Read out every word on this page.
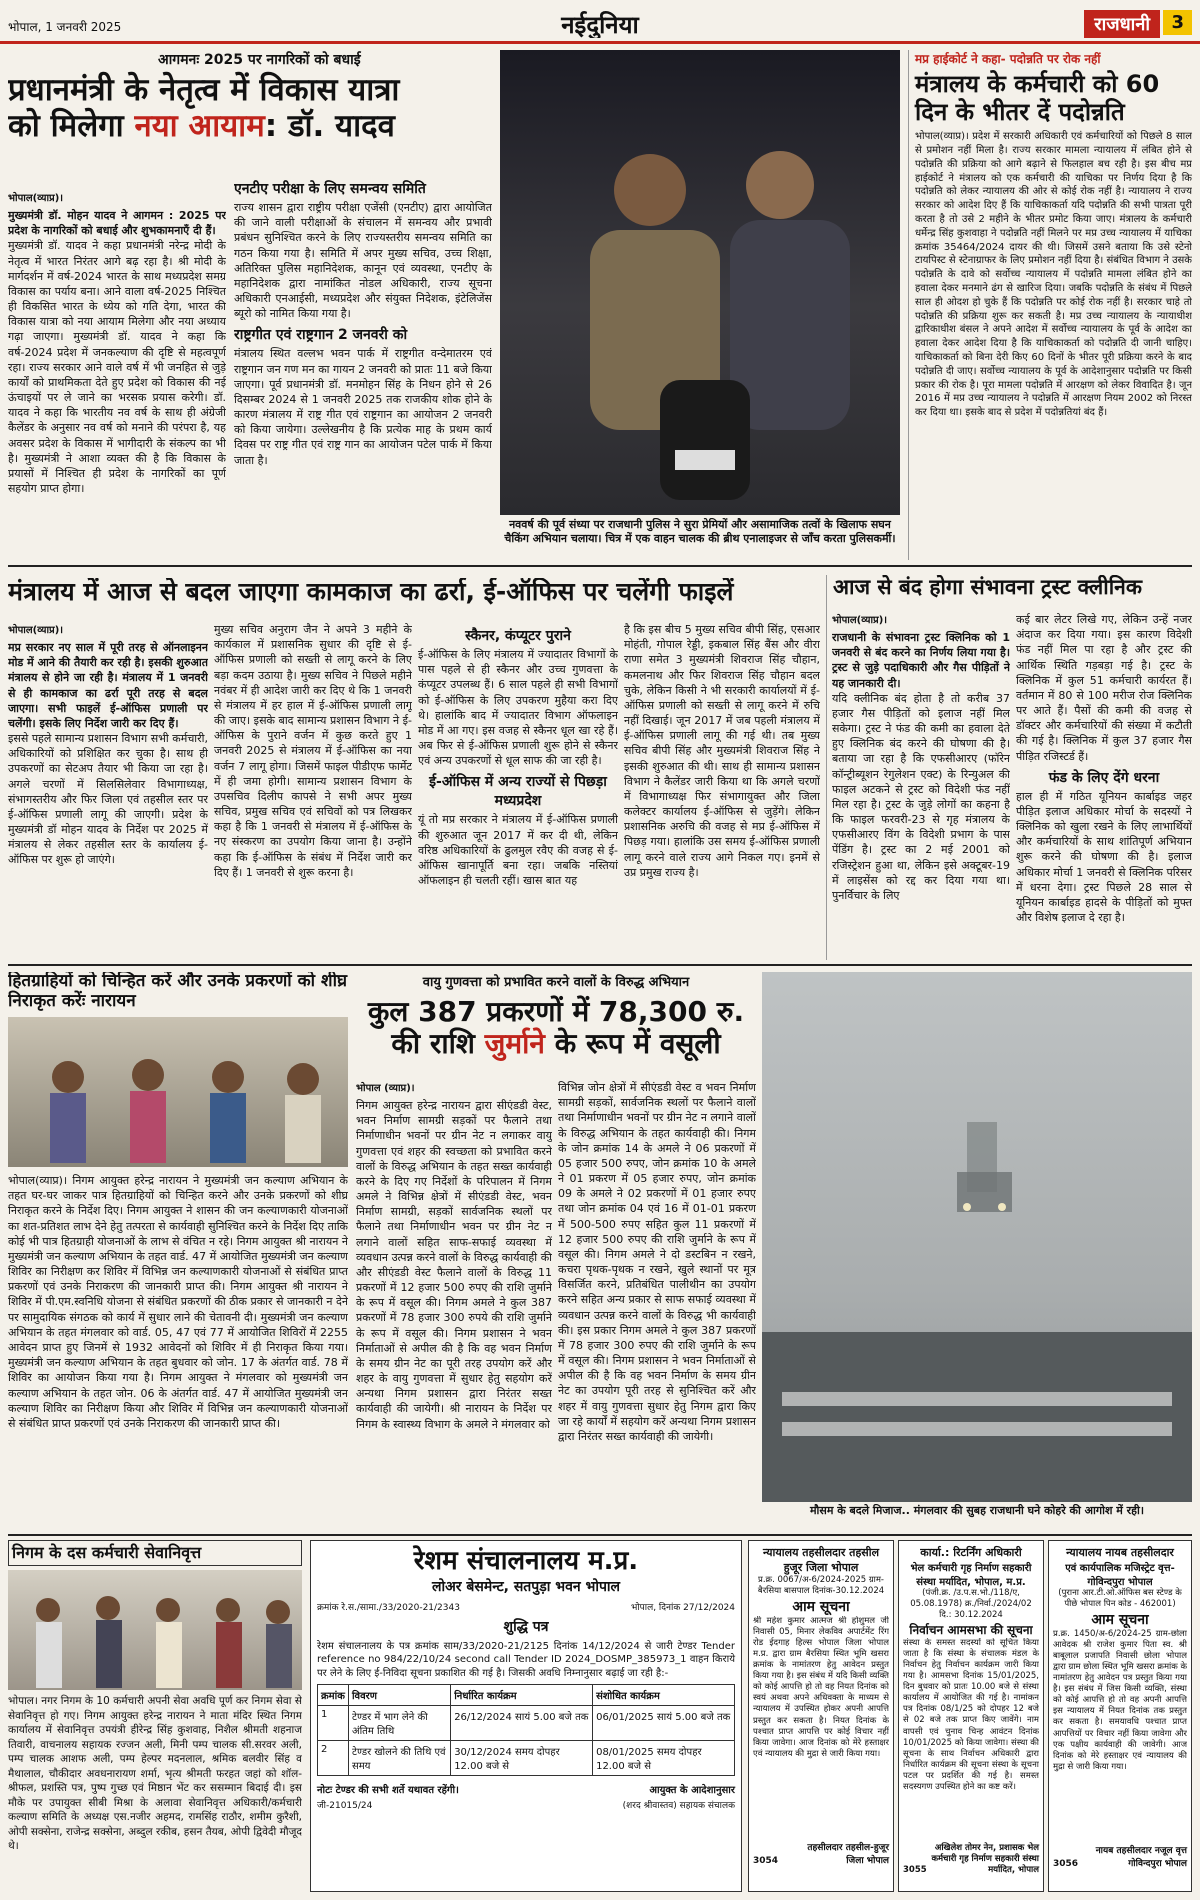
भोपाल, 1 जनवरी 2025	नईदुनिया	राजधानी	3
आगमनः 2025 पर नागरिकों को बधाई
प्रधानमंत्री के नेतृत्व में विकास यात्रा
को मिलेगा नया आयाम: डॉ. यादव
भोपाल(व्याप्र)।

मुख्यमंत्री डॉ. मोहन यादव ने आगमन : 2025 पर प्रदेश के नागरिकों को बधाई और शुभकामनाएँ दी हैं।

मुख्यमंत्री डॉ. यादव ने कहा प्रधानमंत्री नरेन्द्र मोदी के नेतृत्व में भारत निरंतर आगे बढ़ रहा है। श्री मोदी के मार्गदर्शन में वर्ष-2024 भारत के साथ मध्यप्रदेश समग्र विकास का पर्याय बना। आने वाला वर्ष-2025 निश्चित ही विकसित भारत के ध्येय को गति देगा, भारत की विकास यात्रा को नया आयाम मिलेगा और नया अध्याय गढ़ा जाएगा। मुख्यमंत्री डॉ. यादव ने कहा कि वर्ष-2024 प्रदेश में जनकल्याण की दृष्टि से महत्वपूर्ण रहा। राज्य सरकार आने वाले वर्ष में भी जनहित से जुड़े कार्यों को प्राथमिकता देते हुए प्रदेश को विकास की नई ऊंचाइयों पर ले जाने का भरसक प्रयास करेगी। डॉ. यादव ने कहा कि भारतीय नव वर्ष के साथ ही अंग्रेजी कैलेंडर के अनुसार नव वर्ष को मनाने की परंपरा है, यह अवसर प्रदेश के विकास में भागीदारी के संकल्प का भी है। मुख्यमंत्री ने आशा व्यक्त की है कि विकास के प्रयासों में निश्चित ही प्रदेश के नागरिकों का पूर्ण सहयोग प्राप्त होगा।

एनटीए परीक्षा के लिए समन्वय समिति

राज्य शासन द्वारा राष्ट्रीय परीक्षा एजेंसी (एनटीए) द्वारा आयोजित की जाने वाली परीक्षाओं के संचालन में समन्वय और प्रभावी प्रबंधन सुनिश्चित करने के लिए राज्यस्तरीय समन्वय समिति का गठन किया गया है। समिति में अपर मुख्य सचिव, उच्च शिक्षा, अतिरिक्त पुलिस महानिदेशक, कानून एवं व्यवस्था, एनटीए के महानिदेशक द्वारा नामांकित नोडल अधिकारी, राज्य सूचना अधिकारी एनआईसी, मध्यप्रदेश और संयुक्त निदेशक, इंटेलिजेंस ब्यूरो को नामित किया गया है।

राष्ट्रगीत एवं राष्ट्रगान 2 जनवरी को

मंत्रालय स्थित वल्लभ भवन पार्क में राष्ट्रगीत वन्देमातरम एवं राष्ट्रगान जन गण मन का गायन 2 जनवरी को प्रातः 11 बजे किया जाएगा। पूर्व प्रधानमंत्री डॉ. मनमोहन सिंह के निधन होने से 26 दिसम्बर 2024 से 1 जनवरी 2025 तक राजकीय शोक होने के कारण मंत्रालय में राष्ट्र गीत एवं राष्ट्रगान का आयोजन 2 जनवरी को किया जायेगा। उल्लेखनीय है कि प्रत्येक माह के प्रथम कार्य दिवस पर राष्ट्र गीत एवं राष्ट्र गान का आयोजन पटेल पार्क में किया जाता है।

नववर्ष की पूर्व संध्या पर राजधानी पुलिस ने सुरा प्रेमियों और असामाजिक तत्वों के खिलाफ सघन चैकिंग अभियान चलाया। चित्र में एक वाहन चालक की ब्रीथ एनालाइजर से जाँच करता पुलिसकर्मी।
मप्र हाईकोर्ट ने कहा- पदोन्नति पर रोक नहीं
मंत्रालय के कर्मचारी को 60 दिन के भीतर दें पदोन्नति

भोपाल(व्याप्र)। प्रदेश में सरकारी अधिकारी एवं कर्मचारियों को पिछले 8 साल से प्रमोशन नहीं मिला है। राज्य सरकार मामला न्यायालय में लंबित होने से पदोन्नति की प्रक्रिया को आगे बढ़ाने से फिलहाल बच रही है। इस बीच मप्र हाईकोर्ट ने मंत्रालय को एक कर्मचारी की याचिका पर निर्णय दिया है कि पदोन्नति को लेकर न्यायालय की ओर से कोई रोक नहीं है। न्यायालय ने राज्य सरकार को आदेश दिए हैं कि याचिकाकर्ता यदि पदोन्नति की सभी पात्रता पूरी करता है तो उसे 2 महीने के भीतर प्रमोट किया जाए। मंत्रालय के कर्मचारी धर्मेन्द्र सिंह कुशवाहा ने पदोन्नति नहीं मिलने पर मप्र उच्च न्यायालय में याचिका क्रमांक 35464/2024 दायर की थी। जिसमें उसने बताया कि उसे स्टेनो टायपिस्ट से स्टेनाग्राफर के लिए प्रमोशन नहीं दिया है। संबंधित विभाग ने उसके पदोन्नति के दावे को सर्वोच्च न्यायालय में पदोन्नति मामला लंबित होने का हवाला देकर मनमाने ढंग से खारिज दिया। जबकि पदोन्नति के संबंध में पिछले साल ही ओदश हो चुके हैं कि पदोन्नति पर कोई रोक नहीं है। सरकार चाहे तो पदोन्नति की प्रक्रिया शुरू कर सकती है। मप्र उच्च न्यायालय के न्यायाधीश द्वारिकाधीश बंसल ने अपने आदेश में सर्वोच्च न्यायालय के पूर्व के आदेश का हवाला देकर आदेश दिया है कि याचिकाकर्ता को पदोन्नति दी जानी चाहिए। याचिकाकर्ता को बिना देरी किए 60 दिनों के भीतर पूरी प्रक्रिया करने के बाद पदोन्नति दी जाए। सर्वोच्च न्यायालय के पूर्व के आदेशानुसार पदोन्नति पर किसी प्रकार की रोक है। पूरा मामला पदोन्नति में आरक्षण को लेकर विवादित है। जून 2016 में मप्र उच्च न्यायालय ने पदोन्नति में आरक्षण नियम 2002 को निरस्त कर दिया था। इसके बाद से प्रदेश में पदोन्नतियां बंद हैं।

मंत्रालय में आज से बदल जाएगा कामकाज का ढर्रा, ई-ऑफिस पर चलेंगी फाइलें
भोपाल(व्याप्र)।

मप्र सरकार नए साल में पूरी तरह से ऑनलाइनन मोड में आने की तैयारी कर रही है। इसकी शुरुआत मंत्रालय से होने जा रही है। मंत्रालय में 1 जनवरी से ही कामकाज का ढर्रा पूरी तरह से बदल जाएगा। सभी फाइलें ई-ऑफिस प्रणाली पर चलेंगी। इसके लिए निर्देश जारी कर दिए हैं।

इससे पहले सामान्य प्रशासन विभाग सभी कर्मचारी, अधिकारियों को प्रशिक्षित कर चुका है। साथ ही उपकरणों का सेटअप तैयार भी किया जा रहा है। अगले चरणों में सिलसिलेवार विभागाध्यक्ष, संभागस्तरीय और फिर जिला एवं तहसील स्तर पर ई-ऑफिस प्रणाली लागू की जाएगी। प्रदेश के मुख्यमंत्री डॉ मोहन यादव के निर्देश पर 2025 में मंत्रालय से लेकर तहसील स्तर के कार्यालय ई-ऑफिस पर शुरू हो जाएंगे।

मुख्य सचिव अनुराग जैन ने अपने 3 महीने के कार्यकाल में प्रशासनिक सुधार की दृष्टि से ई-ऑफिस प्रणाली को सख्ती से लागू करने के लिए बड़ा कदम उठाया है। मुख्य सचिव ने पिछले महीने नवंबर में ही आदेश जारी कर दिए थे कि 1 जनवरी से मंत्रालय में हर हाल में ई-ऑफिस प्रणाली लागू की जाए। इसके बाद सामान्य प्रशासन विभाग ने ई-ऑफिस के पुराने वर्जन में कुछ करते हुए 1 जनवरी 2025 से मंत्रालय में ई-ऑफिस का नया वर्जन 7 लागू होगा। जिसमें फाइल पीडीएफ फार्मेट में ही जमा होगी। सामान्य प्रशासन विभाग के उपसचिव दिलीप कापसे ने सभी अपर मुख्य सचिव, प्रमुख सचिव एवं सचिवों को पत्र लिखकर कहा है कि 1 जनवरी से मंत्रालय में ई-ऑफिस के नए संस्करण का उपयोग किया जाना है। उन्होंने कहा कि ई-ऑफिस के संबंध में निर्देश जारी कर दिए हैं। 1 जनवरी से शुरू करना है।

स्कैनर, कंप्यूटर पुराने

ई-ऑफिस के लिए मंत्रालय में ज्यादातर विभागों के पास पहले से ही स्कैनर और उच्च गुणवत्ता के कंप्यूटर उपलब्ध हैं। 6 साल पहले ही सभी विभागों को ई-ऑफिस के लिए उपकरण मुहैया करा दिए थे। हालांकि बाद में ज्यादातर विभाग ऑफलाइन मोड में आ गए। इस वजह से स्कैनर धूल खा रहे हैं। अब फिर से ई-ऑफिस प्रणाली शुरू होने से स्कैनर एवं अन्य उपकरणों से धूल साफ की जा रही है।

ई-ऑफिस में अन्य राज्यों से पिछड़ा मध्यप्रदेश

यूं तो मप्र सरकार ने मंत्रालय में ई-ऑफिस प्रणाली की शुरुआत जून 2017 में कर दी थी, लेकिन वरिष्ठ अधिकारियों के ढुलमुल रवैए की वजह से ई-ऑफिस खानापूर्ति बना रहा। जबकि नस्तियां ऑफलाइन ही चलती रहीं। खास बात यह

है कि इस बीच 5 मुख्य सचिव बीपी सिंह, एसआर मोहंती, गोपाल रेड्डी, इकबाल सिंह बैंस और वीरा राणा समेत 3 मुख्यमंत्री शिवराज सिंह चौहान, कमलनाथ और फिर शिवराज सिंह चौहान बदल चुके, लेकिन किसी ने भी सरकारी कार्यालयों में ई-ऑफिस प्रणाली को सख्ती से लागू करने में रुचि नहीं दिखाई। जून 2017 में जब पहली मंत्रालय में ई-ऑफिस प्रणाली लागू की गई थी। तब मुख्य सचिव बीपी सिंह और मुख्यमंत्री शिवराज सिंह ने इसकी शुरुआत की थी। साथ ही सामान्य प्रशासन विभाग ने कैलेंडर जारी किया था कि अगले चरणों में विभागाध्यक्ष फिर संभागायुक्त और जिला कलेक्टर कार्यालय ई-ऑफिस से जुड़ेंगे। लेकिन प्रशासनिक अरुचि की वजह से मप्र ई-ऑफिस में पिछड़ गया। हालांकि उस समय ई-ऑफिस प्रणाली लागू करने वाले राज्य आगे निकल गए। इनमें से उप्र प्रमुख राज्य है।

आज से बंद होगा संभावना ट्रस्ट क्लीनिक
भोपाल(व्याप्र)।

राजधानी के संभावना ट्रस्ट क्लिनिक को 1 जनवरी से बंद करने का निर्णय लिया गया है। ट्रस्ट से जुड़े पदाधिकारी और गैस पीड़ितों ने यह जानकारी दी।

यदि क्लीनिक बंद होता है तो करीब 37 हजार गैस पीड़ितों को इलाज नहीं मिल सकेगा। ट्रस्ट ने फंड की कमी का हवाला देते हुए क्लिनिक बंद करने की घोषणा की है। बताया जा रहा है कि एफसीआरए (फॉरेन कॉन्ट्रीब्यूशन रेगुलेशन एक्ट) के रिन्युअल की फाइल अटकने से ट्रस्ट को विदेशी फंड नहीं मिल रहा है। ट्रस्ट के जुड़े लोगों का कहना है कि फाइल फरवरी-23 से गृह मंत्रालय के एफसीआरए विंग के विदेशी प्रभाग के पास पेंडिंग है। ट्रस्ट का 2 मई 2001 को रजिस्ट्रेशन हुआ था, लेकिन इसे अक्टूबर-19 में लाइसेंस को रद्द कर दिया गया था। पुनर्विचार के लिए

कई बार लेटर लिखे गए, लेकिन उन्हें नजर अंदाज कर दिया गया। इस कारण विदेशी फंड नहीं मिल पा रहा है और ट्रस्ट की आर्थिक स्थिति गड़बड़ा गई है। ट्रस्ट के क्लिनिक में कुल 51 कर्मचारी कार्यरत हैं। वर्तमान में 80 से 100 मरीज रोज क्लिनिक पर आते हैं। पैसों की कमी की वजह से डॉक्टर और कर्मचारियों की संख्या में कटौती की गई है। क्लिनिक में कुल 37 हजार गैस पीड़ित रजिस्टर्ड हैं।

फंड के लिए देंगे धरना

हाल ही में गठित यूनियन कार्बाइड जहर पीड़ित इलाज अधिकार मोर्चा के सदस्यों ने क्लिनिक को खुला रखने के लिए लाभार्थियों और कर्मचारियों के साथ शांतिपूर्ण अभियान शुरू करने की घोषणा की है। इलाज अधिकार मोर्चा 1 जनवरी से क्लिनिक परिसर में धरना देगा। ट्रस्ट पिछले 28 साल से यूनियन कार्बाइड हादसे के पीड़ितों को मुफ्त और विशेष इलाज दे रहा है।

हितग्राहियों को चिन्हित करें और उनके प्रकरणों को शीघ्र निराकृत करेंः नारायन

भोपाल(व्याप्र)। निगम आयुक्त हरेन्द्र नारायन ने मुख्यमंत्री जन कल्याण अभियान के तहत घर-घर जाकर पात्र हितग्राहियों को चिन्हित करने और उनके प्रकरणों को शीघ्र निराकृत करने के निर्देश दिए। निगम आयुक्त ने शासन की जन कल्याणकारी योजनाओं का शत-प्रतिशत लाभ देने हेतु तत्परता से कार्यवाही सुनिश्चित करने के निर्देश दिए ताकि कोई भी पात्र हितग्राही योजनाओं के लाभ से वंचित न रहे। निगम आयुक्त श्री नारायन ने मुख्यमंत्री जन कल्याण अभियान के तहत वार्ड. 47 में आयोजित मुख्यमंत्री जन कल्याण शिविर का निरीक्षण कर शिविर में विभिन्न जन कल्याणकारी योजनाओं से संबंधित प्राप्त प्रकरणों एवं उनके निराकरण की जानकारी प्राप्त की। निगम आयुक्त श्री नारायन ने शिविर में पी.एम.स्वनिधि योजना से संबंधित प्रकरणों की ठीक प्रकार से जानकारी न देने पर सामुदायिक संगठक को कार्य में सुधार लाने की चेतावनी दी। मुख्यमंत्री जन कल्याण अभियान के तहत मंगलवार को वार्ड. 05, 47 एवं 77 में आयोजित शिविरों में 2255 आवेदन प्राप्त हुए जिनमें से 1932 आवेदनों को शिविर में ही निराकृत किया गया। मुख्यमंत्री जन कल्याण अभियान के तहत बुधवार को जोन. 17 के अंतर्गत वार्ड. 78 में शिविर का आयोजन किया गया है। निगम आयुक्त ने मंगलवार को मुख्यमंत्री जन कल्याण अभियान के तहत जोन. 06 के अंतर्गत वार्ड. 47 में आयोजित मुख्यमंत्री जन कल्याण शिविर का निरीक्षण किया और शिविर में विभिन्न जन कल्याणकारी योजनाओं से संबंधित प्राप्त प्रकरणों एवं उनके निराकरण की जानकारी प्राप्त की।

वायु गुणवत्ता को प्रभावित करने वालों के विरुद्ध अभियान
कुल 387 प्रकरणों में 78,300 रु.
की राशि जुर्माने के रूप में वसूली
भोपाल (व्याप्र)।

निगम आयुक्त हरेन्द्र नारायन द्वारा सीएंडडी वेस्ट, भवन निर्माण सामग्री सड़कों पर फैलाने तथा निर्माणाधीन भवनों पर ग्रीन नेट न लगाकर वायु गुणवत्ता एवं शहर की स्वच्छता को प्रभावित करने वालों के विरुद्ध अभियान के तहत सख्त कार्यवाही करने के दिए गए निर्देशों के परिपालन में निगम अमले ने विभिन्न क्षेत्रों में सीएंडडी वेस्ट, भवन निर्माण सामग्री, सड़कों सार्वजनिक स्थलों पर फैलाने तथा निर्माणाधीन भवन पर ग्रीन नेट न लगाने वालों सहित साफ-सफाई व्यवस्था में व्यवधान उत्पन्न करने वालों के विरुद्ध कार्यवाही की और सीएंडडी वेस्ट फैलाने वालों के विरुद्ध 11 प्रकरणों में 12 हजार 500 रुपए की राशि जुर्माने के रूप में वसूल की। निगम अमले ने कुल 387 प्रकरणों में 78 हजार 300 रुपये की राशि जुर्माने के रूप में वसूल की। निगम प्रशासन ने भवन निर्माताओं से अपील की है कि वह भवन निर्माण के समय ग्रीन नेट का पूरी तरह उपयोग करें और शहर के वायु गुणवत्ता में सुधार हेतु सहयोग करें अन्यथा निगम प्रशासन द्वारा निरंतर सख्त कार्यवाही की जायेगी। श्री नारायन के निर्देश पर निगम के स्वास्थ्य विभाग के अमले ने मंगलवार को

विभिन्न जोन क्षेत्रों में सीएंडडी वेस्ट व भवन निर्माण सामग्री सड़कों, सार्वजनिक स्थलों पर फैलाने वालों तथा निर्माणाधीन भवनों पर ग्रीन नेट न लगाने वालों के विरुद्ध अभियान के तहत कार्यवाही की। निगम के जोन क्रमांक 14 के अमले ने 06 प्रकरणों में 05 हजार 500 रुपए, जोन क्रमांक 10 के अमले ने 01 प्रकरण में 05 हजार रुपए, जोन क्रमांक 09 के अमले ने 02 प्रकरणों में 01 हजार रुपए तथा जोन क्रमांक 04 एवं 16 में 01-01 प्रकरण में 500-500 रुपए सहित कुल 11 प्रकरणों में 12 हजार 500 रुपए की राशि जुर्माने के रूप में वसूल की। निगम अमले ने दो डस्टबिन न रखने, कचरा पृथक-पृथक न रखने, खुले स्थानों पर मूत्र विसर्जित करने, प्रतिबंधित पालीथीन का उपयोग करने सहित अन्य प्रकार से साफ सफाई व्यवस्था में व्यवधान उत्पन्न करने वालों के विरुद्ध भी कार्यवाही की। इस प्रकार निगम अमले ने कुल 387 प्रकरणों में 78 हजार 300 रुपए की राशि जुर्माने के रूप में वसूल की। निगम प्रशासन ने भवन निर्माताओं से अपील की है कि वह भवन निर्माण के समय ग्रीन नेट का उपयोग पूरी तरह से सुनिश्चित करें और शहर में वायु गुणवत्ता सुधार हेतु निगम द्वारा किए जा रहे कार्यों में सहयोग करें अन्यथा निगम प्रशासन द्वारा निरंतर सख्त कार्यवाही की जायेगी।

मौसम के बदले मिजाज.. मंगलवार की सुबह राजधानी घने कोहरे की आगोश में रही।
निगम के दस कर्मचारी सेवानिवृत्त

भोपाल। नगर निगम के 10 कर्मचारी अपनी सेवा अवधि पूर्ण कर निगम सेवा से सेवानिवृत्त हो गए। निगम आयुक्त हरेन्द्र नारायन ने माता मंदिर स्थित निगम कार्यालय में सेवानिवृत्त उपयंत्री हीरेन्द्र सिंह कुशवाह, निशैल श्रीमती शहनाज तिवारी, वाचनालय सहायक रज्जन अली, मिनी पम्प चालक सी.सरवर अली, पम्प चालक आशफ अली, पम्प हेल्पर मदनलाल, श्रमिक बलवीर सिंह व मैथालाल, चौकीदार अवधनारायण शर्मा, भृत्य श्रीमती फरहत जहां को शॉल-श्रीफल, प्रशस्ति पत्र, पुष्प गुच्छ एवं मिष्ठान भेंट कर ससम्मान बिदाई दी। इस मौके पर उपायुक्त सीबी मिश्रा के अलावा सेवानिवृत्त अधिकारी/कर्मचारी कल्याण समिति के अध्यक्ष एस.नजीर अहमद, रामसिंह राठौर, शमीम कुरैशी, ओपी सक्सेना, राजेन्द्र सक्सेना, अब्दुल रकीब, हसन तैयब, ओपी द्विवेदी मौजूद थे।

रेशम संचालनालय म.प्र.
लोअर बेसमेन्ट, सतपुड़ा भवन भोपाल
क्रमांक रे.स./सामा./33/2020-21/2343	भोपाल, दिनांक 27/12/2024
शुद्धि पत्र

रेशम संचालनालय के पत्र क्रमांक साम/33/2020-21/2125 दिनांक 14/12/2024 से जारी टेण्डर Tender reference no 984/22/10/24 second call Tender ID 2024_DOSMP_385973_1 वाहन किराये पर लेने के लिए ई-निविदा सूचना प्रकाशित की गई है। जिसकी अवधि निम्नानुसार बढ़ाई जा रही है:-

क्रमांक	विवरण	निर्धारित कार्यक्रम	संशोधित कार्यक्रम
1	टेण्डर में भाग लेने की अंतिम तिथि	26/12/2024 सायं 5.00 बजे तक	06/01/2025 सायं 5.00 बजे तक
2	टेण्डर खोलने की तिथि एवं समय	30/12/2024 समय दोपहर 12.00 बजे से	08/01/2025 समय दोपहर 12.00 बजे से
नोटः टेण्डर की सभी शर्ते यथावत रहेंगी।	आयुक्त के आदेशानुसार
जी-21015/24	(शरद श्रीवास्तव) सहायक संचालक
न्यायालय तहसीलदार तहसील
हुजूर जिला भोपाल
प्र.क्र. 0067/अ-6/2024-2025 ग्राम-बैरसिया बासपाल दिनांक-30.12.2024
आम सूचना

श्री महेश कुमार आत्मज श्री होशुमल जी निवासी 05, मिनार लेकविव अपार्टमेंट रिंग रोड ईदगाह हिल्स भोपाल जिला भोपाल म.प्र. द्वारा ग्राम बैरसिया स्थित भूमि खसरा क्रमांक के नामांतरण हेतु आवेदन प्रस्तुत किया गया है। इस संबंध में यदि किसी व्यक्ति को कोई आपत्ति हो तो वह नियत दिनांक को स्वयं अथवा अपने अधिवक्ता के माध्यम से न्यायालय में उपस्थित होकर अपनी आपत्ति प्रस्तुत कर सकता है। नियत दिनांक के पश्चात प्राप्त आपत्ति पर कोई विचार नहीं किया जावेगा। आज दिनांक को मेरे हस्ताक्षर एवं न्यायालय की मुद्रा से जारी किया गया।

3054
तहसीलदार तहसील-हुजूर जिला भोपाल
कार्या.: रिटर्निंग अधिकारी
भेल कर्मचारी गृह निर्माण सहकारी संस्था मर्यादित, भोपाल, म.प्र.
(पंजी.क्र. /उ.प.स.भो./118/ए, 05.08.1978) क्र./निर्वा./2024/02 दि.: 30.12.2024
निर्वाचन आमसभा की सूचना

संस्था के समस्त सदस्यों को सूचित किया जाता है कि संस्था के संचालक मंडल के निर्वाचन हेतु निर्वाचन कार्यक्रम जारी किया गया है। आमसभा दिनांक 15/01/2025, दिन बुधवार को प्रातः 10.00 बजे से संस्था कार्यालय में आयोजित की गई है। नामांकन पत्र दिनांक 08/1/25 को दोपहर 12 बजे से 02 बजे तक प्राप्त किए जावेंगे। नाम वापसी एवं चुनाव चिन्ह आवंटन दिनांक 10/01/2025 को किया जावेगा। संस्था की सूचना के साथ निर्वाचन अधिकारी द्वारा निर्धारित कार्यक्रम की सूचना संस्था के सूचना पटल पर प्रदर्शित की गई है। समस्त सदस्यगण उपस्थित होने का कष्ट करें।

3055
अखिलेश तोमर नेन, प्रशासक भेल कर्मचारी गृह निर्माण सहकारी संस्था मर्यादित, भोपाल
न्यायालय नायब तहसीलदार
एवं कार्यपालिक मजिस्ट्रेट वृत्त-गोविन्दपुरा भोपाल
(पुराना आर.टी.ओ.ऑफिस बस स्टेण्ड के पीछे भोपाल पिन कोड - 462001)
आम सूचना

प्र.क्र. 1450/अ-6/2024-25 ग्राम-छोला आवेदक श्री राजेश कुमार पिता स्व. श्री बाबूलाल प्रजापति निवासी छोला भोपाल द्वारा ग्राम छोला स्थित भूमि खसरा क्रमांक के नामांतरण हेतु आवेदन पत्र प्रस्तुत किया गया है। इस संबंध में जिस किसी व्यक्ति, संस्था को कोई आपत्ति हो तो वह अपनी आपत्ति इस न्यायालय में नियत दिनांक तक प्रस्तुत कर सकता है। समयावधि पश्चात प्राप्त आपत्तियों पर विचार नहीं किया जावेगा और एक पक्षीय कार्यवाही की जावेगी। आज दिनांक को मेरे हस्ताक्षर एवं न्यायालय की मुद्रा से जारी किया गया।

3056
नायब तहसीलदार नजूल वृत्त गोविन्दपुरा भोपाल
